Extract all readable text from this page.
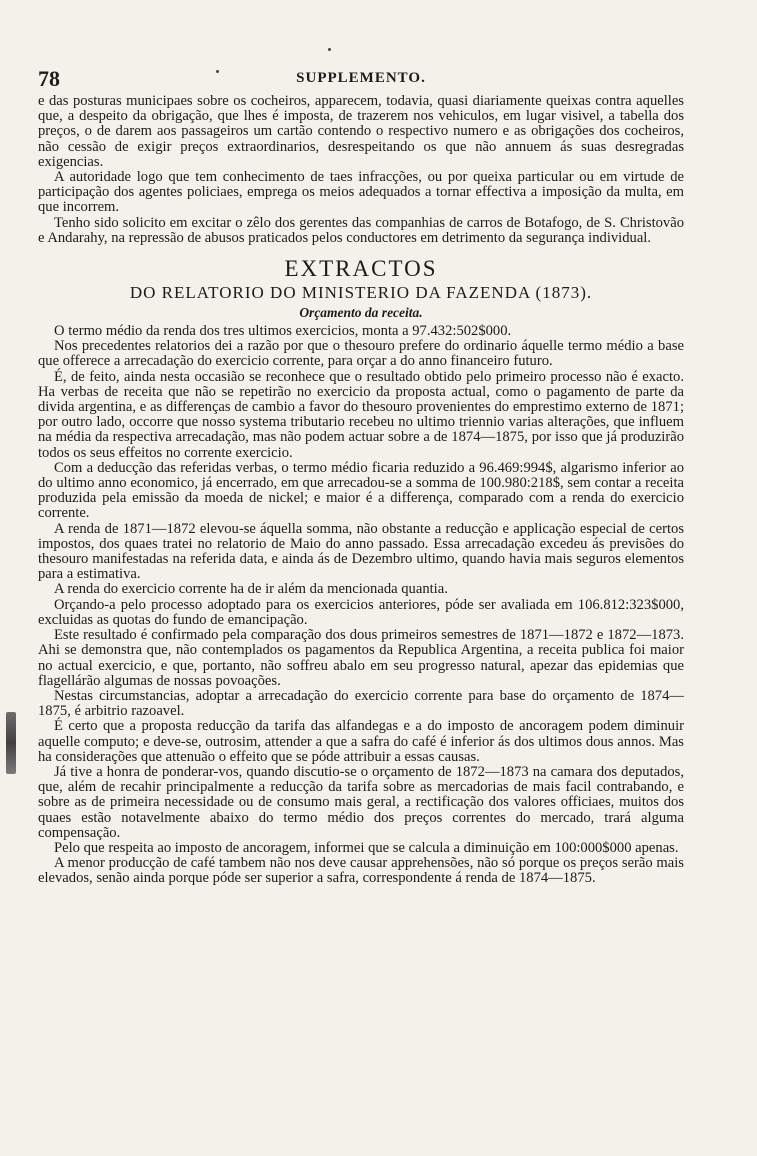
78	SUPPLEMENTO.

e das posturas municipaes sobre os cocheiros, apparecem, todavia, quasi diariamente queixas contra aquelles que, a despeito da obrigação, que lhes é imposta, de trazerem nos vehiculos, em lugar visivel, a tabella dos preços, o de darem aos passageiros um cartão contendo o respectivo numero e as obrigações dos cocheiros, não cessão de exigir preços extraordinarios, desrespeitando os que não annuem ás suas desregradas exigencias.

A autoridade logo que tem conhecimento de taes infracções, ou por queixa particular ou em virtude de participação dos agentes policiaes, emprega os meios adequados a tornar effectiva a imposição da multa, em que incorrem.

Tenho sido solicito em excitar o zêlo dos gerentes das companhias de carros de Botafogo, de S. Christovão e Andarahy, na repressão de abusos praticados pelos conductores em detrimento da segurança individual.

EXTRACTOS
DO RELATORIO DO MINISTERIO DA FAZENDA (1873).
Orçamento da receita.

O termo médio da renda dos tres ultimos exercicios, monta a 97.432:502$000.

Nos precedentes relatorios dei a razão por que o thesouro prefere do ordinario áquelle termo médio a base que offerece a arrecadação do exercicio corrente, para orçar a do anno financeiro futuro.

É, de feito, ainda nesta occasião se reconhece que o resultado obtido pelo primeiro processo não é exacto. Ha verbas de receita que não se repetirão no exercicio da proposta actual, como o pagamento de parte da divida argentina, e as differenças de cambio a favor do thesouro provenientes do emprestimo externo de 1871; por outro lado, occorre que nosso systema tributario recebeu no ultimo triennio varias alterações, que influem na média da respectiva arrecadação, mas não podem actuar sobre a de 1874—1875, por isso que já produzirão todos os seus effeitos no corrente exercicio.

Com a deducção das referidas verbas, o termo médio ficaria reduzido a 96.469:994$, algarismo inferior ao do ultimo anno economico, já encerrado, em que arrecadou-se a somma de 100.980:218$, sem contar a receita produzida pela emissão da moeda de nickel; e maior é a differença, comparado com a renda do exercicio corrente.

A renda de 1871—1872 elevou-se áquella somma, não obstante a reducção e applicação especial de certos impostos, dos quaes tratei no relatorio de Maio do anno passado. Essa arrecadação excedeu ás previsões do thesouro manifestadas na referida data, e ainda ás de Dezembro ultimo, quando havia mais seguros elementos para a estimativa.

A renda do exercicio corrente ha de ir além da mencionada quantia.

Orçando-a pelo processo adoptado para os exercicios anteriores, póde ser avaliada em 106.812:323$000, excluidas as quotas do fundo de emancipação.

Este resultado é confirmado pela comparação dos dous primeiros semestres de 1871—1872 e 1872—1873. Ahi se demonstra que, não contemplados os pagamentos da Republica Argentina, a receita publica foi maior no actual exercicio, e que, portanto, não soffreu abalo em seu progresso natural, apezar das epidemias que flagellárão algumas de nossas povoações.

Nestas circumstancias, adoptar a arrecadação do exercicio corrente para base do orçamento de 1874—1875, é arbitrio razoavel.

É certo que a proposta reducção da tarifa das alfandegas e a do imposto de ancoragem podem diminuir aquelle computo; e deve-se, outrosim, attender a que a safra do café é inferior ás dos ultimos dous annos. Mas ha considerações que attenuão o effeito que se póde attribuir a essas causas.

Já tive a honra de ponderar-vos, quando discutio-se o orçamento de 1872—1873 na camara dos deputados, que, além de recahir principalmente a reducção da tarifa sobre as mercadorias de mais facil contrabando, e sobre as de primeira necessidade ou de consumo mais geral, a rectificação dos valores officiaes, muitos dos quaes estão notavelmente abaixo do termo médio dos preços correntes do mercado, trará alguma compensação.

Pelo que respeita ao imposto de ancoragem, informei que se calcula a diminuição em 100:000$000 apenas.

A menor producção de café tambem não nos deve causar apprehensões, não só porque os preços serão mais elevados, senão ainda porque póde ser superior a safra, correspondente á renda de 1874—1875.
